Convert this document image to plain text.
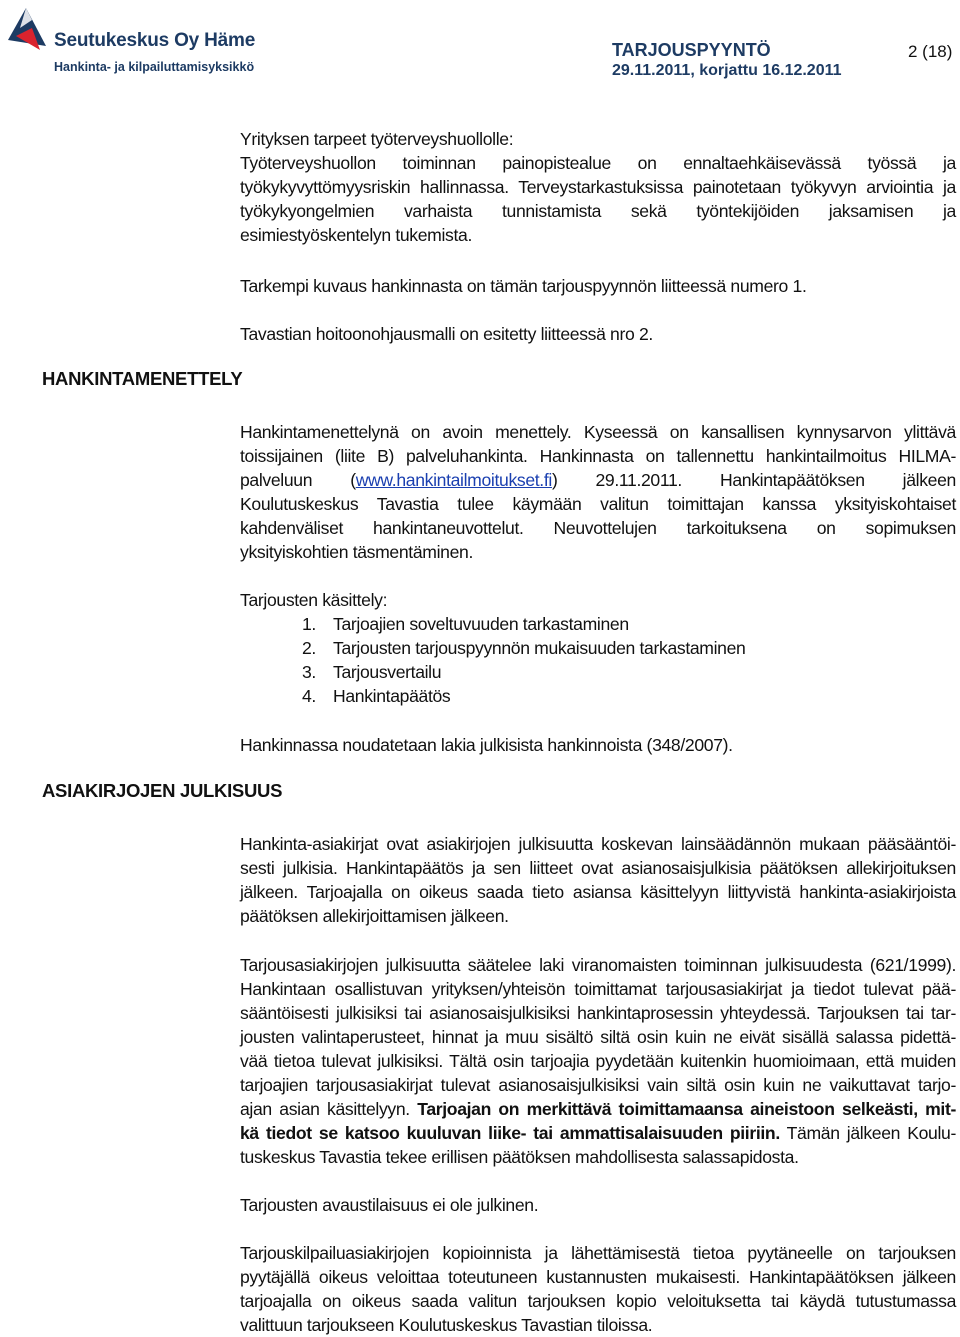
Seutukeskus Oy Häme
Hankinta- ja kilpailuttamisyksikkö
TARJOUSPYYNTÖ
29.11.2011, korjattu 16.12.2011
2 (18)
Yrityksen tarpeet työterveyshuollolle:
Työterveyshuollon toiminnan painopistealue on ennaltaehkäisevässä työssä ja
työkykyvyttömyysriskin hallinnassa. Terveystarkastuksissa painotetaan työkyvyn arviointia ja
työkykyongelmien varhaista tunnistamista sekä työntekijöiden jaksamisen ja
esimiestyöskentelyn tukemista.
Tarkempi kuvaus hankinnasta on tämän tarjouspyynnön liitteessä numero 1.
Tavastian hoitoonohjausmalli on esitetty liitteessä nro 2.
HANKINTAMENETTELY
Hankintamenettelynä on avoin menettely. Kyseessä on kansallisen kynnysarvon ylittävä
toissijainen (liite B) palveluhankinta. Hankinnasta on tallennettu hankintailmoitus HILMA-
palveluun (www.hankintailmoitukset.fi) 29.11.2011. Hankintapäätöksen jälkeen
Koulutuskeskus Tavastia tulee käymään valitun toimittajan kanssa yksityiskohtaiset
kahdenväliset hankintaneuvottelut. Neuvottelujen tarkoituksena on sopimuksen
yksityiskohtien täsmentäminen.
Tarjousten käsittely:
1. Tarjoajien soveltuvuuden tarkastaminen
2. Tarjousten tarjouspyynnön mukaisuuden tarkastaminen
3. Tarjousvertailu
4. Hankintapäätös
Hankinnassa noudatetaan lakia julkisista hankinnoista (348/2007).
ASIAKIRJOJEN JULKISUUS
Hankinta-asiakirjat ovat asiakirjojen julkisuutta koskevan lainsäädännön mukaan pääsääntöi-
sesti julkisia. Hankintapäätös ja sen liitteet ovat asianosaisjulkisia päätöksen allekirjoituksen
jälkeen. Tarjoajalla on oikeus saada tieto asiansa käsittelyyn liittyvistä hankinta-asiakirjoista
päätöksen allekirjoittamisen jälkeen.
Tarjousasiakirjojen julkisuutta säätelee laki viranomaisten toiminnan julkisuudesta (621/1999).
Hankintaan osallistuvan yrityksen/yhteisön toimittamat tarjousasiakirjat ja tiedot tulevat pää-
sääntöisesti julkisiksi tai asianosaisjulkisiksi hankintaprosessin yhteydessä. Tarjouksen tai tar-
jousten valintaperusteet, hinnat ja muu sisältö siltä osin kuin ne eivät sisällä salassa pidettä-
vää tietoa tulevat julkisiksi. Tältä osin tarjoajia pyydetään kuitenkin huomioimaan, että muiden
tarjoajien tarjousasiakirjat tulevat asianosaisjulkisiksi vain siltä osin kuin ne vaikuttavat tarjo-
ajan asian käsittelyyn. Tarjoajan on merkittävä toimittamaansa aineistoon selkeästi, mit-
kä tiedot se katsoo kuuluvan liike- tai ammattisalaisuuden piiriin. Tämän jälkeen Koulu-
tuskeskus Tavastia tekee erillisen päätöksen mahdollisesta salassapidosta.
Tarjousten avaustilaisuus ei ole julkinen.
Tarjouskilpailuasiakirjojen kopioinnista ja lähettämisestä tietoa pyytäneelle on tarjouksen
pyytäjällä oikeus veloittaa toteutuneen kustannusten mukaisesti. Hankintapäätöksen jälkeen
tarjoajalla on oikeus saada valitun tarjouksen kopio veloituksetta tai käydä tutustumassa
valittuun tarjoukseen Koulutuskeskus Tavastian tiloissa.
